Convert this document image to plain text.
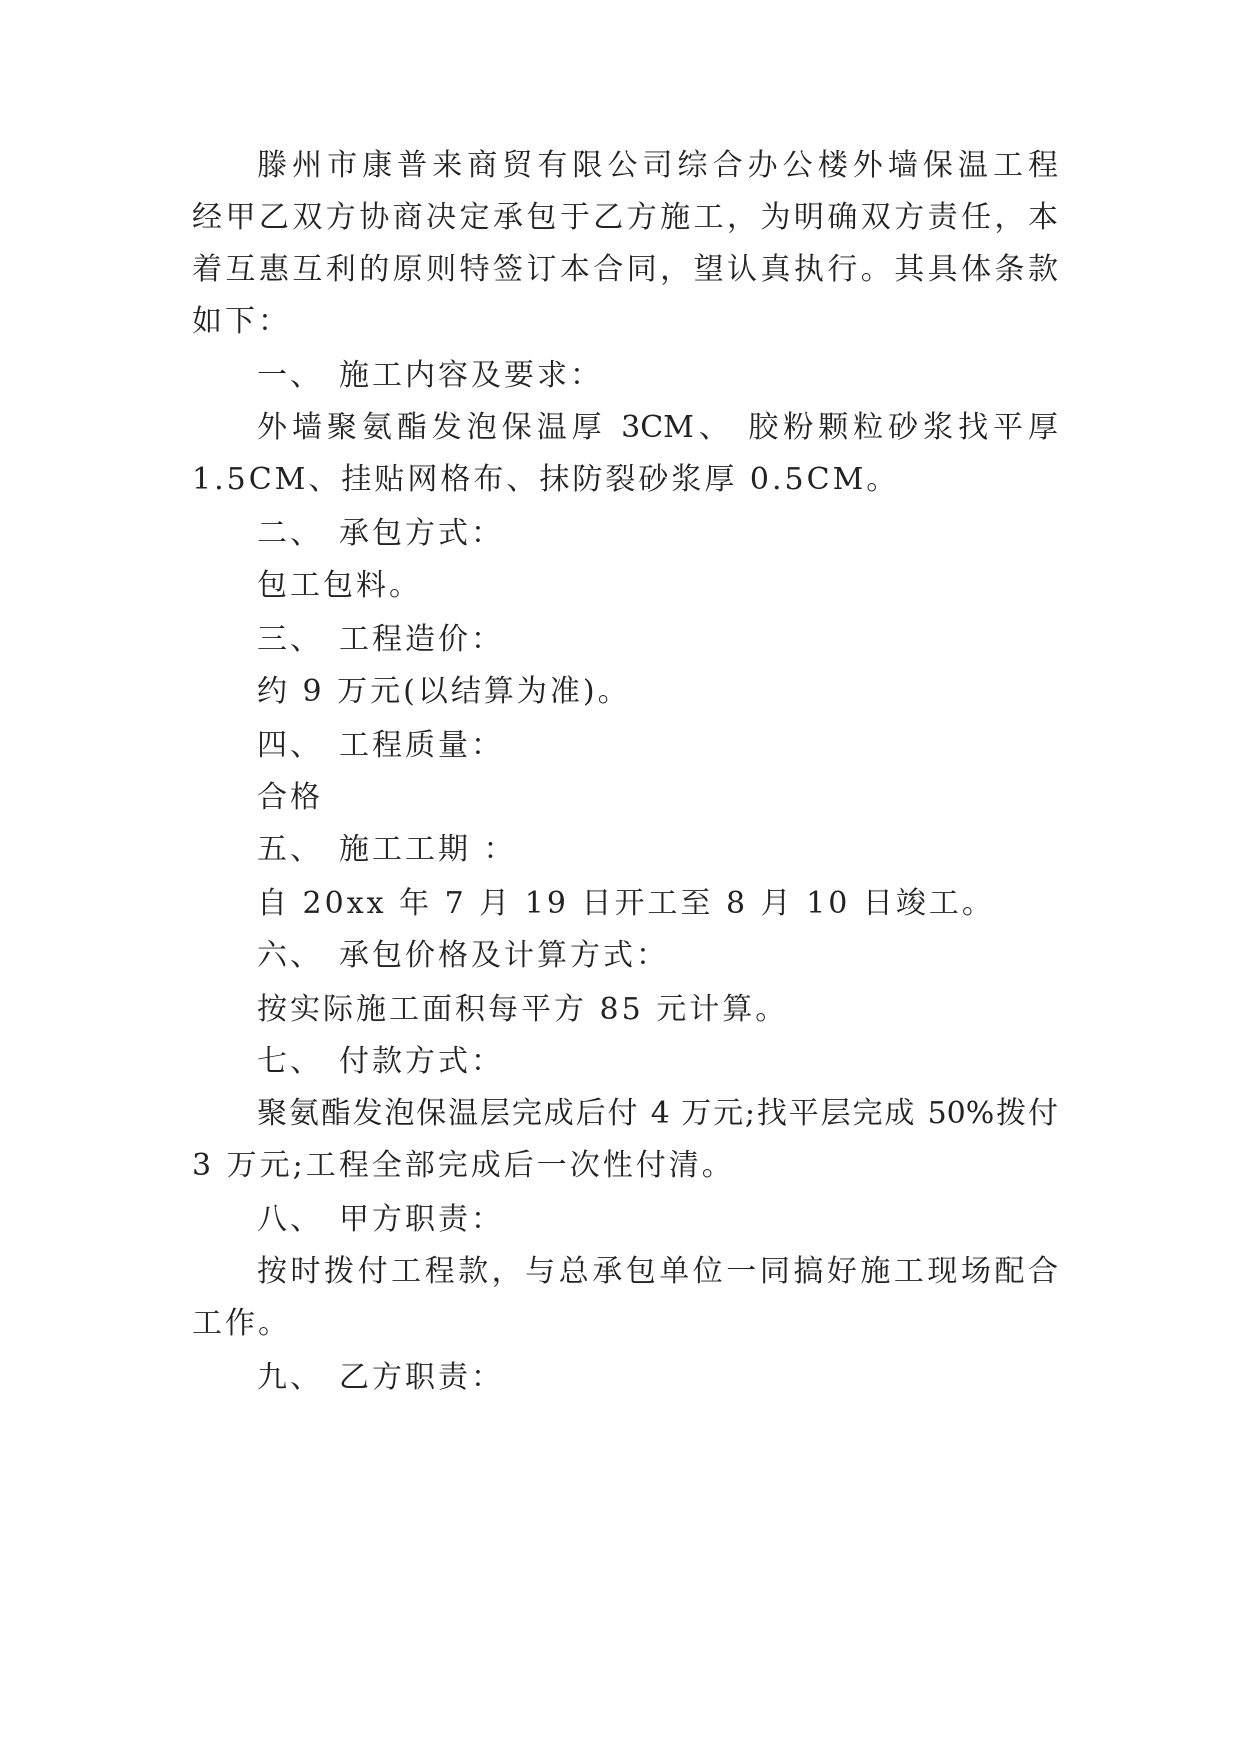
滕州市康普来商贸有限公司综合办公楼外墙保温工程
经甲乙双方协商决定承包于乙方施工，为明确双方责任，本
着互惠互利的原则特签订本合同，望认真执行。其具体条款
如下：
一、 施工内容及要求：
外墙聚氨酯发泡保温厚 3CM、 胶粉颗粒砂浆找平厚
1.5CM、挂贴网格布、抹防裂砂浆厚 0.5CM。
二、 承包方式：
包工包料。
三、 工程造价：
约 9 万元(以结算为准)。
四、 工程质量：
合格
五、 施工工期 ：
自 20xx 年 7 月 19 日开工至 8 月 10 日竣工。
六、 承包价格及计算方式：
按实际施工面积每平方 85 元计算。
七、 付款方式：
聚氨酯发泡保温层完成后付 4 万元;找平层完成 50%拨付
3 万元;工程全部完成后一次性付清。
八、 甲方职责：
按时拨付工程款，与总承包单位一同搞好施工现场配合
工作。
九、 乙方职责：
